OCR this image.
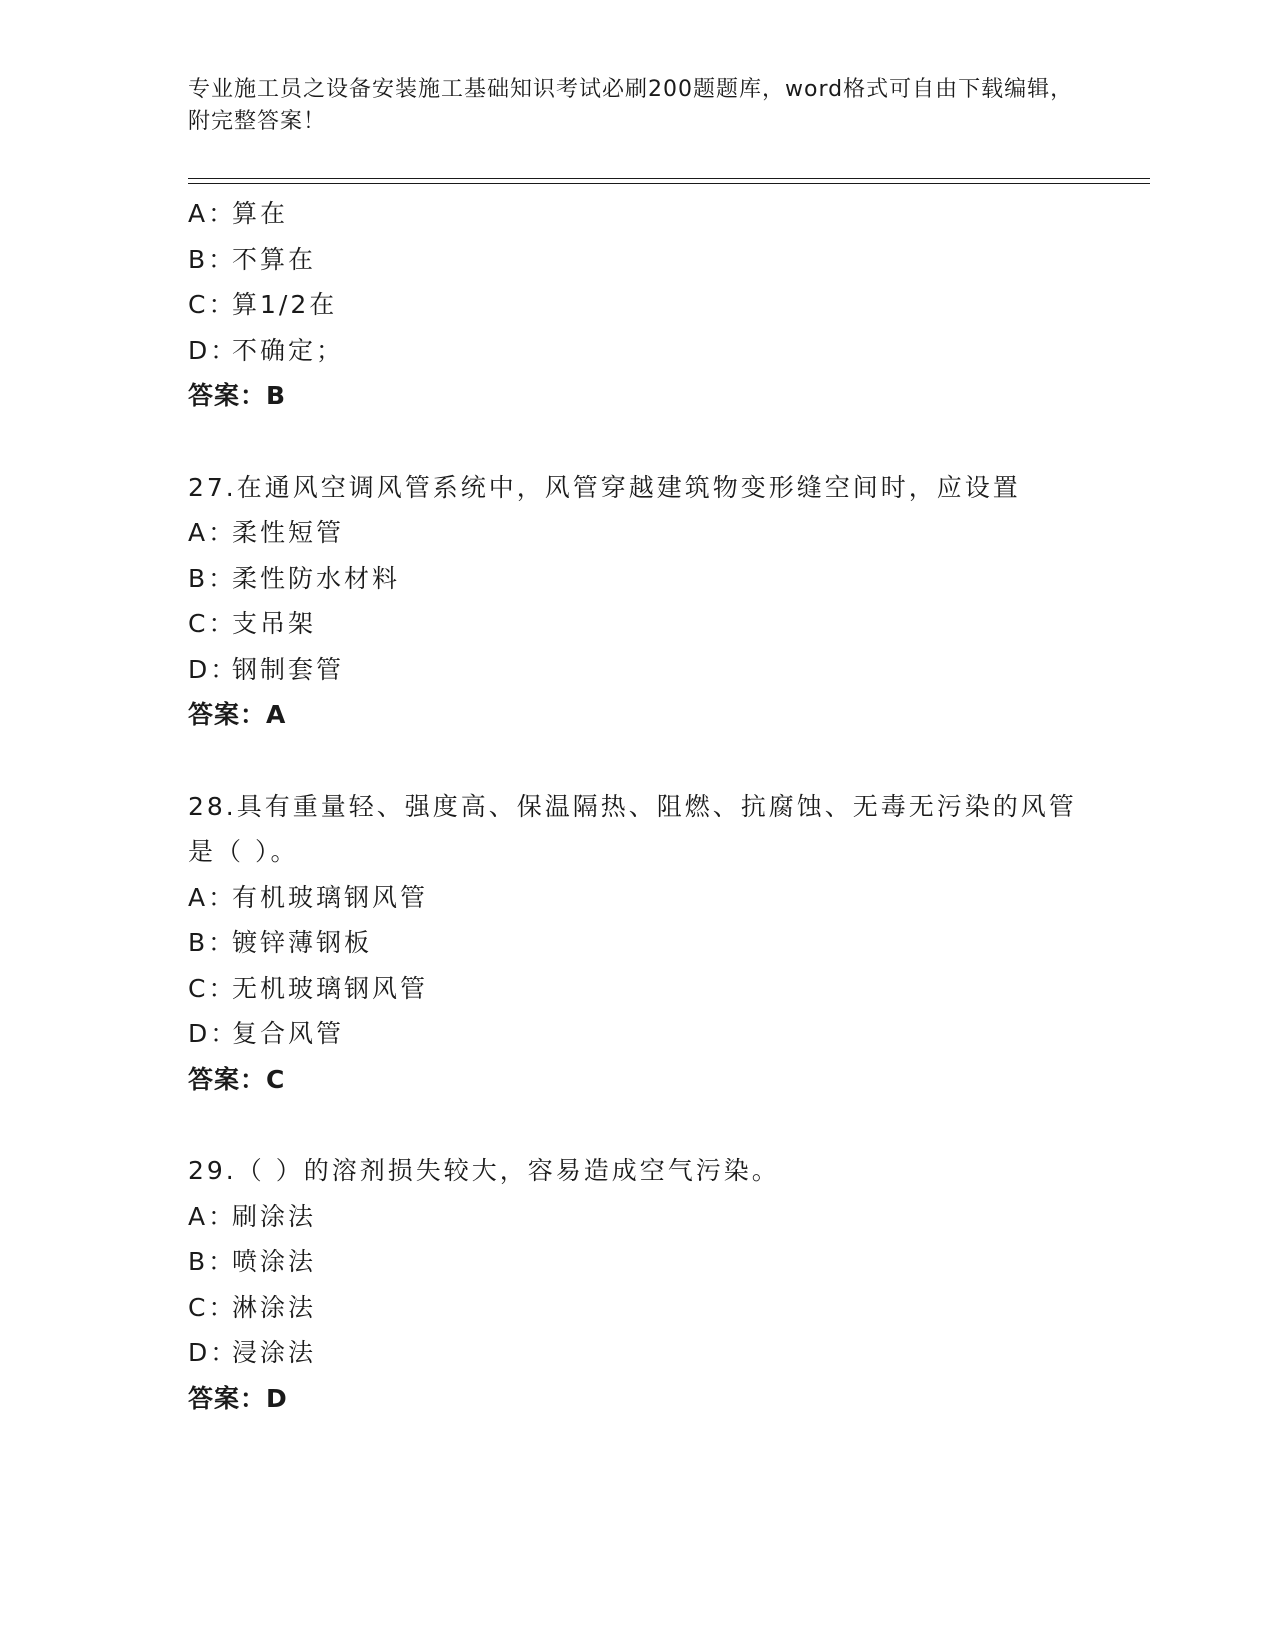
专业施工员之设备安装施工基础知识考试必刷200题题库，word格式可自由下载编辑，附完整答案！
A：算在
B：不算在
C：算1/2在
D：不确定；
答案：B
27.在通风空调风管系统中，风管穿越建筑物变形缝空间时，应设置
A：柔性短管
B：柔性防水材料
C：支吊架
D：钢制套管
答案：A
28.具有重量轻、强度高、保温隔热、阻燃、抗腐蚀、无毒无污染的风管是（ ）。
A：有机玻璃钢风管
B：镀锌薄钢板
C：无机玻璃钢风管
D：复合风管
答案：C
29.（ ）的溶剂损失较大，容易造成空气污染。
A：刷涂法
B：喷涂法
C：淋涂法
D：浸涂法
答案：D
